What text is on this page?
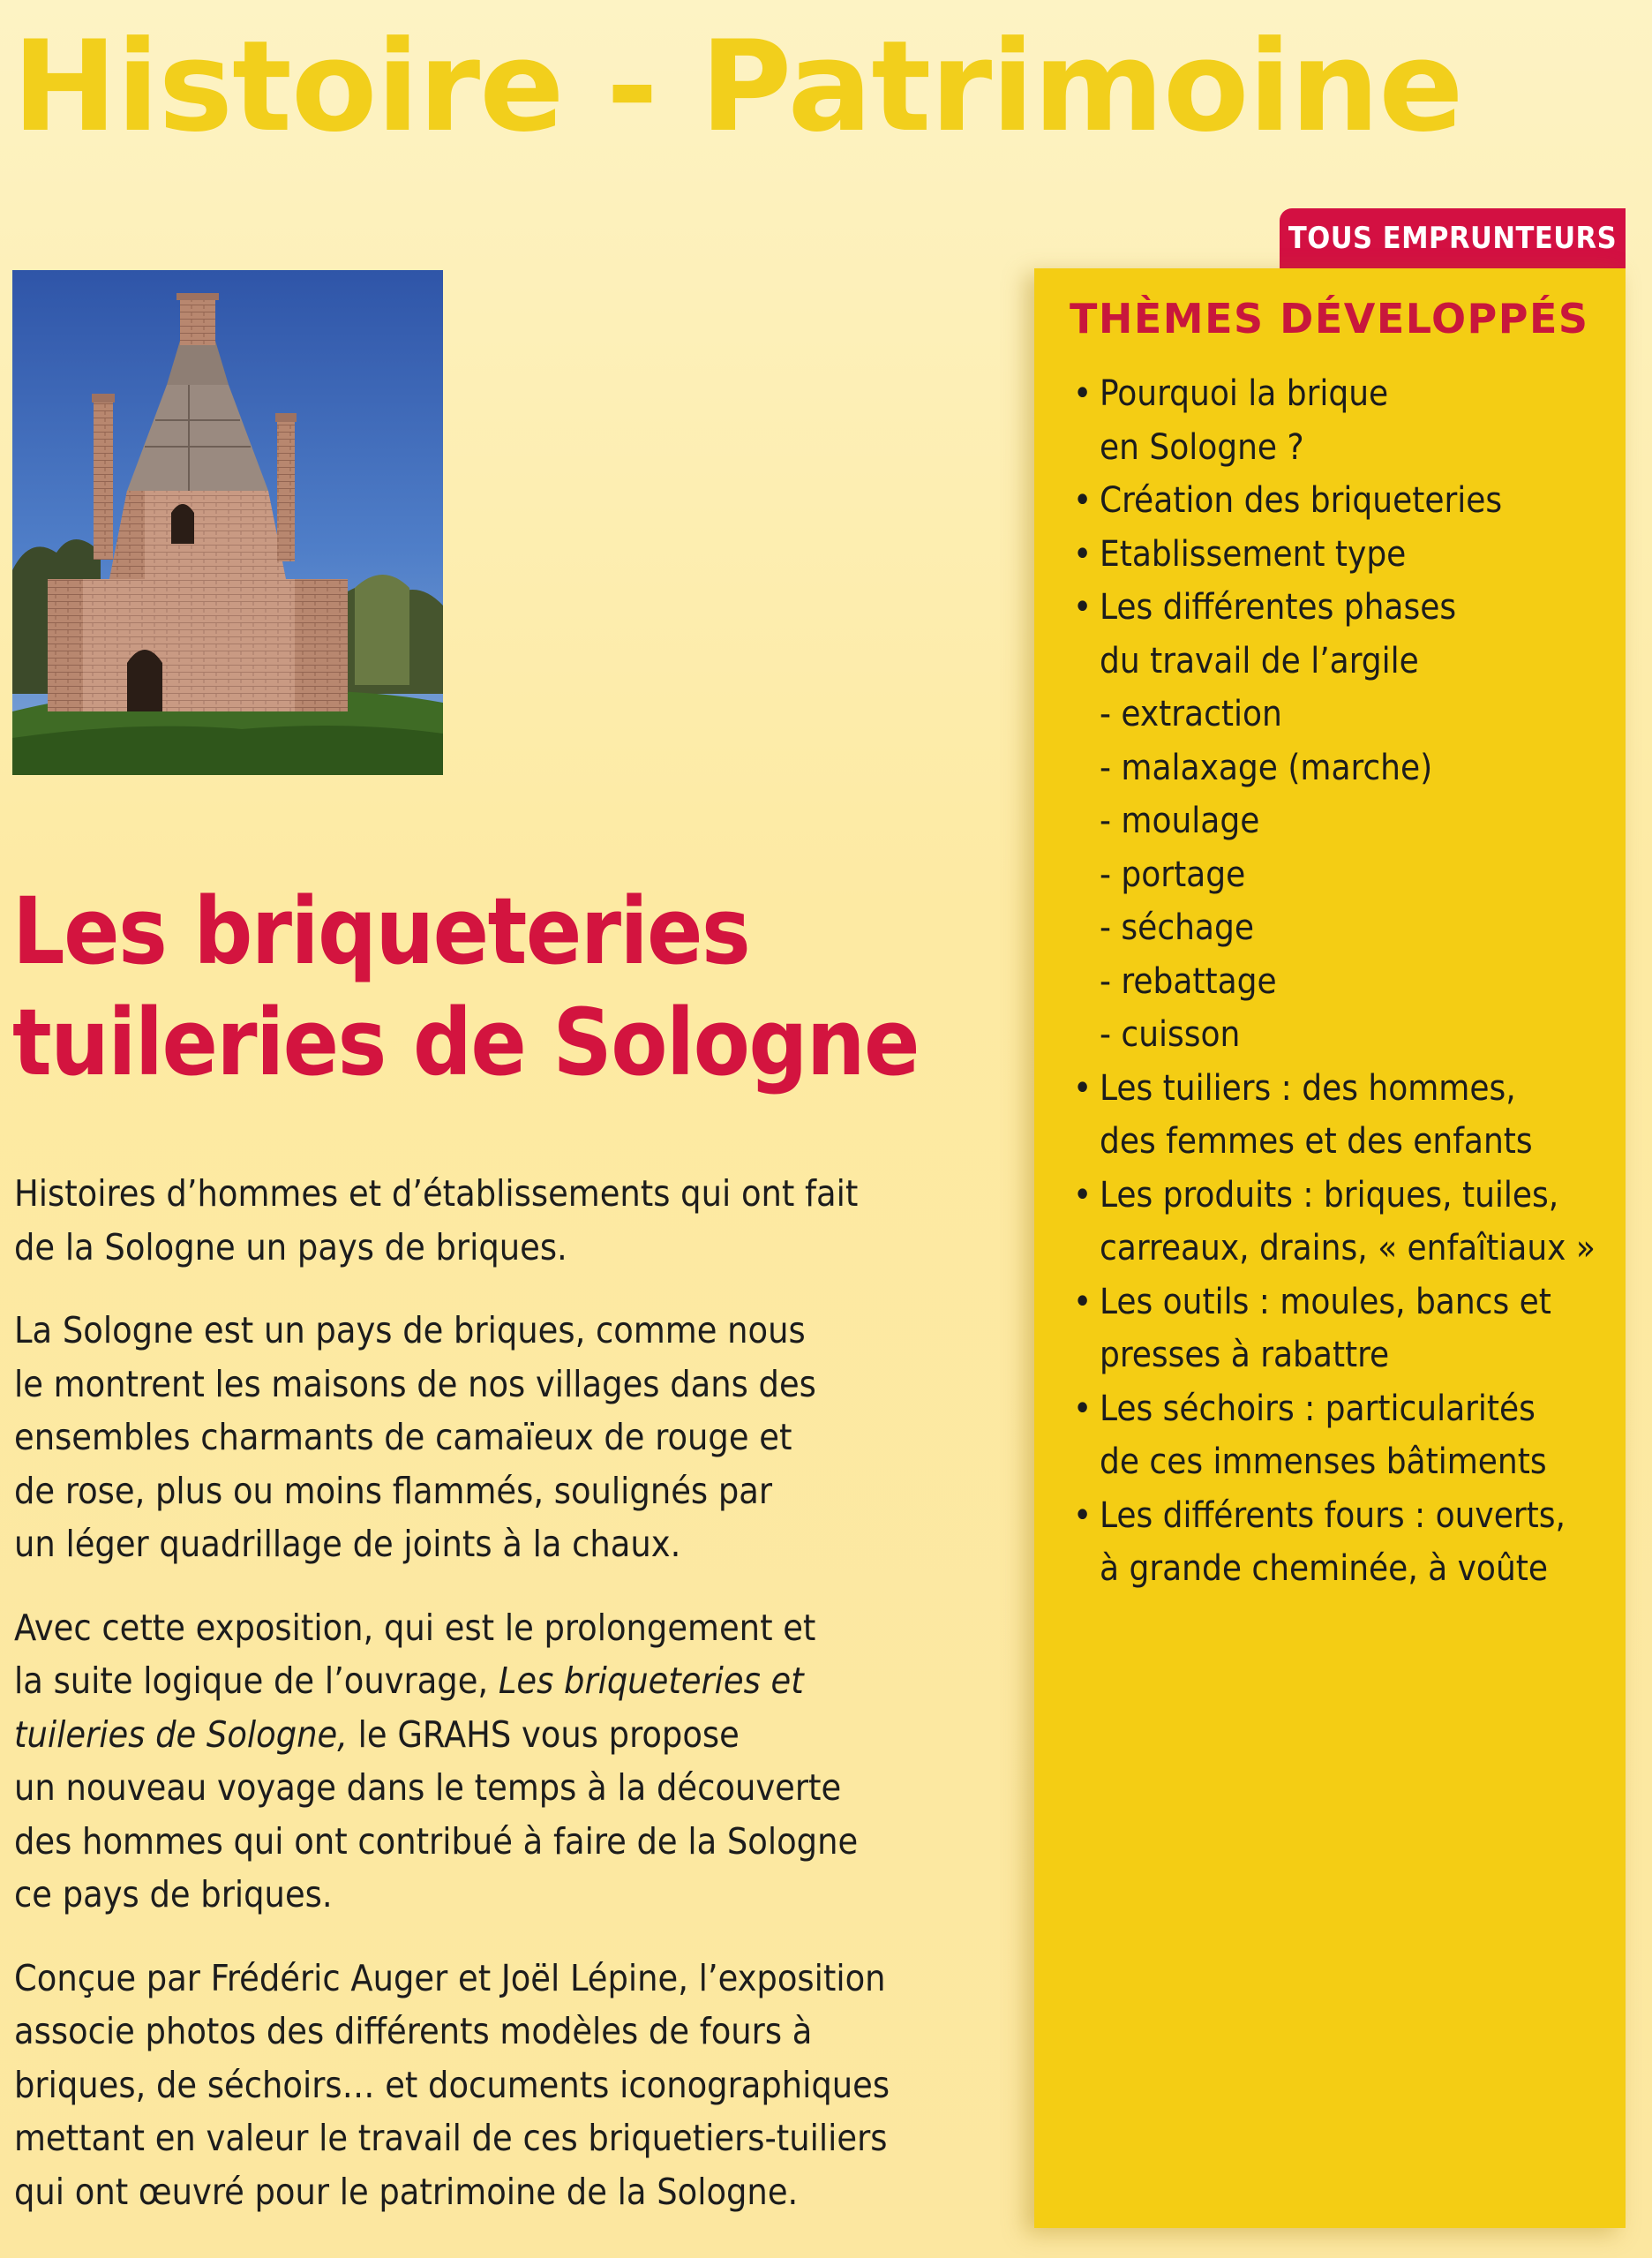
Histoire - Patrimoine
TOUS EMPRUNTEURS
THÈMES DÉVELOPPÉS
• Pourquoi la brique
en Sologne ?
• Création des briqueteries
• Etablissement type
• Les différentes phases
du travail de l’argile
- extraction
- malaxage (marche)
- moulage
- portage
- séchage
- rebattage
- cuisson
• Les tuiliers : des hommes,
des femmes et des enfants
• Les produits : briques, tuiles,
carreaux, drains, « enfaîtiaux »
• Les outils : moules, bancs et
presses à rabattre
• Les séchoirs : particularités
de ces immenses bâtiments
• Les différents fours : ouverts,
à grande cheminée, à voûte
Les briqueteries
tuileries de Sologne

Histoires d’hommes et d’établissements qui ont fait
de la Sologne un pays de briques.

La Sologne est un pays de briques, comme nous
le montrent les maisons de nos villages dans des
ensembles charmants de camaïeux de rouge et
de rose, plus ou moins flammés, soulignés par
un léger quadrillage de joints à la chaux.

Avec cette exposition, qui est le prolongement et
la suite logique de l’ouvrage, Les briqueteries et
tuileries de Sologne, le GRAHS vous propose
un nouveau voyage dans le temps à la découverte
des hommes qui ont contribué à faire de la Sologne
ce pays de briques.

Conçue par Frédéric Auger et Joël Lépine, l’exposition
associe photos des différents modèles de fours à
briques, de séchoirs… et documents iconographiques
mettant en valeur le travail de ces briquetiers-tuiliers
qui ont œuvré pour le patrimoine de la Sologne.
